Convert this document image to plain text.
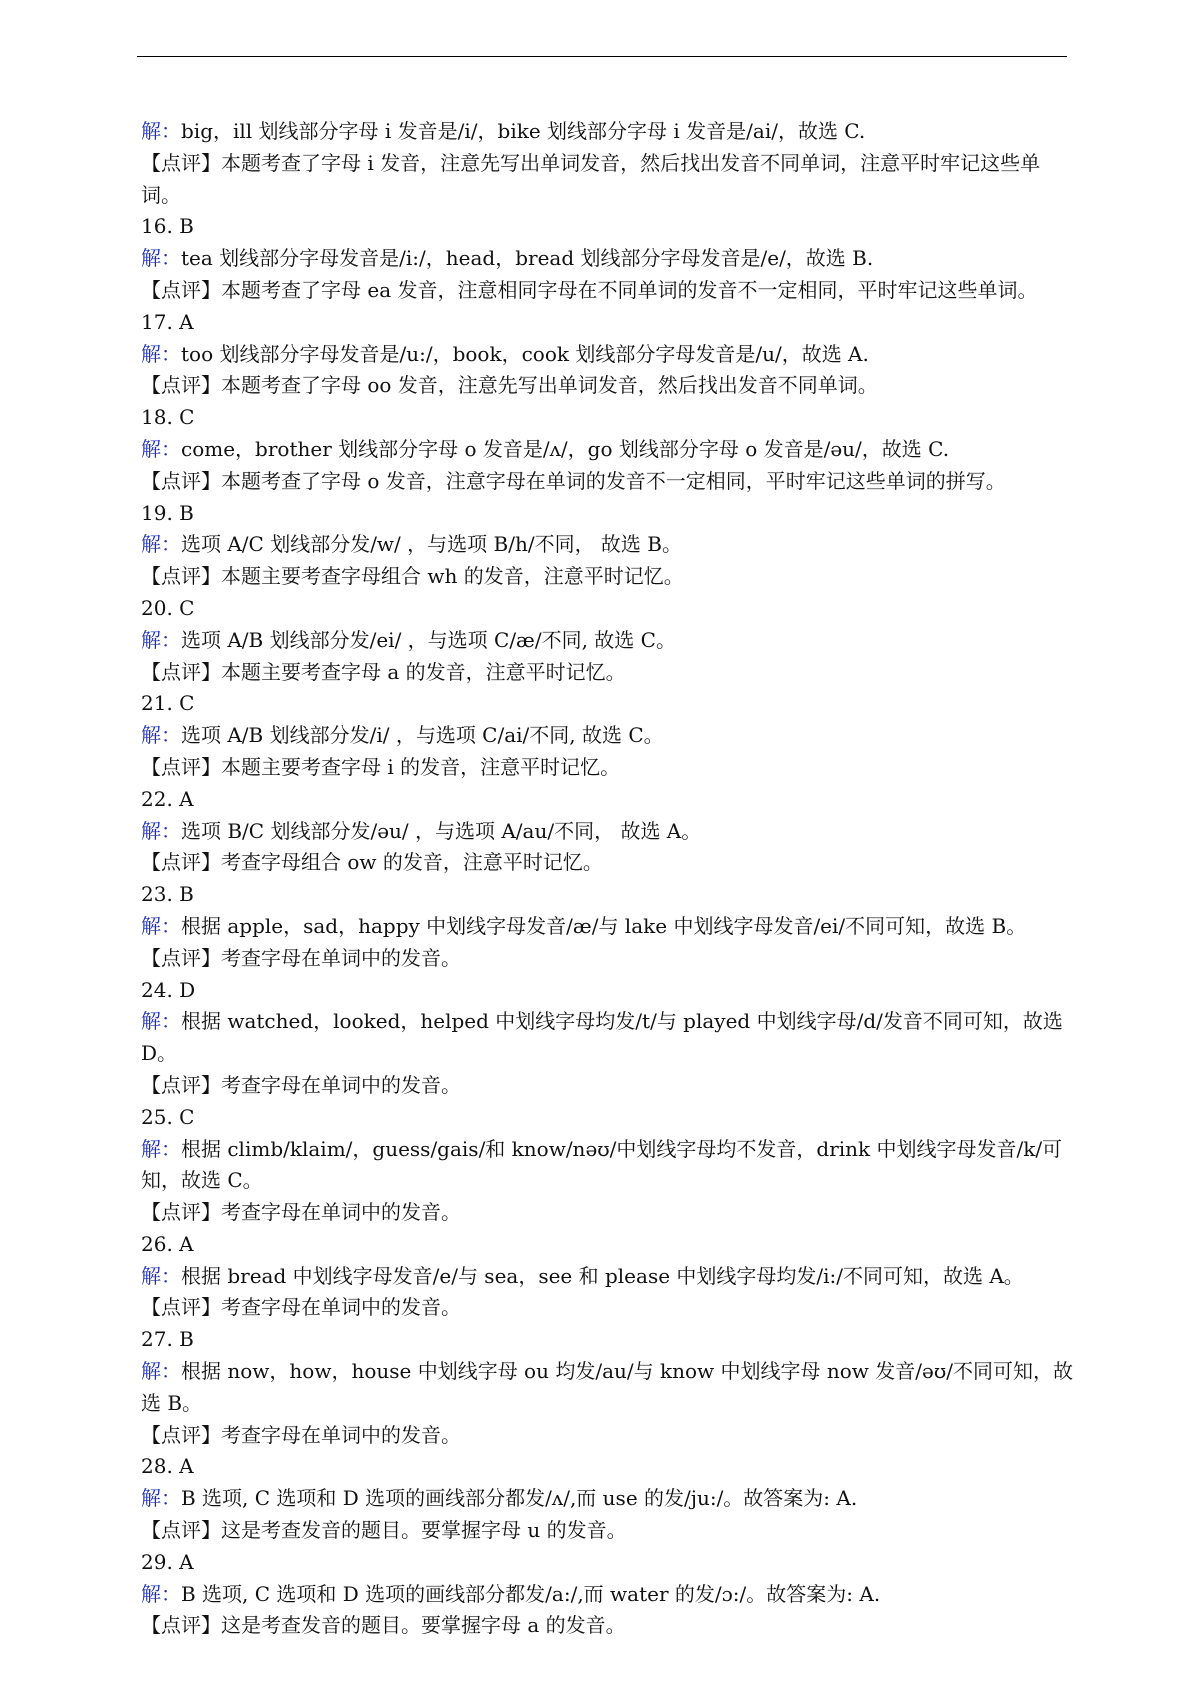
解：big，ill 划线部分字母 i 发音是/i/，bike 划线部分字母 i 发音是/ai/，故选 C.
【点评】本题考查了字母 i 发音，注意先写出单词发音，然后找出发音不同单词，注意平时牢记这些单词。
16. B
解：tea 划线部分字母发音是/i:/，head，bread 划线部分字母发音是/e/，故选 B.
【点评】本题考查了字母 ea 发音，注意相同字母在不同单词的发音不一定相同，平时牢记这些单词。
17. A
解：too 划线部分字母发音是/u:/，book，cook 划线部分字母发音是/u/，故选 A.
【点评】本题考查了字母 oo 发音，注意先写出单词发音，然后找出发音不同单词。
18. C
解：come，brother 划线部分字母 o 发音是/ʌ/，go 划线部分字母 o 发音是/əu/，故选 C.
【点评】本题考查了字母 o 发音，注意字母在单词的发音不一定相同，平时牢记这些单词的拼写。
19. B
解：选项 A/C 划线部分发/w/ ，与选项 B/h/不同， 故选 B。
【点评】本题主要考查字母组合 wh 的发音，注意平时记忆。
20. C
解：选项 A/B 划线部分发/ei/ ，与选项 C/æ/不同, 故选 C。
【点评】本题主要考查字母 a 的发音，注意平时记忆。
21. C
解：选项 A/B 划线部分发/i/ ，与选项 C/ai/不同, 故选 C。
【点评】本题主要考查字母 i 的发音，注意平时记忆。
22. A
解：选项 B/C 划线部分发/əu/ ，与选项 A/au/不同， 故选 A。
【点评】考查字母组合 ow 的发音，注意平时记忆。
23. B
解：根据 apple，sad，happy 中划线字母发音/æ/与 lake 中划线字母发音/ei/不同可知，故选 B。
【点评】考查字母在单词中的发音。
24. D
解：根据 watched，looked，helped 中划线字母均发/t/与 played 中划线字母/d/发音不同可知，故选 D。
【点评】考查字母在单词中的发音。
25. C
解：根据 climb/klaim/，guess/gais/和 know/nəʊ/中划线字母均不发音，drink 中划线字母发音/k/可知，故选 C。
【点评】考查字母在单词中的发音。
26. A
解：根据 bread 中划线字母发音/e/与 sea，see 和 please 中划线字母均发/i:/不同可知，故选 A。
【点评】考查字母在单词中的发音。
27. B
解：根据 now，how，house 中划线字母 ou 均发/au/与 know 中划线字母 now 发音/əʊ/不同可知，故选 B。
【点评】考查字母在单词中的发音。
28. A
解：B 选项, C 选项和 D 选项的画线部分都发/ʌ/,而 use 的发/ju:/。故答案为: A.
【点评】这是考查发音的题目。要掌握字母 u 的发音。
29. A
解：B 选项, C 选项和 D 选项的画线部分都发/a:/,而 water 的发/ɔ:/。故答案为: A.
【点评】这是考查发音的题目。要掌握字母 a 的发音。
